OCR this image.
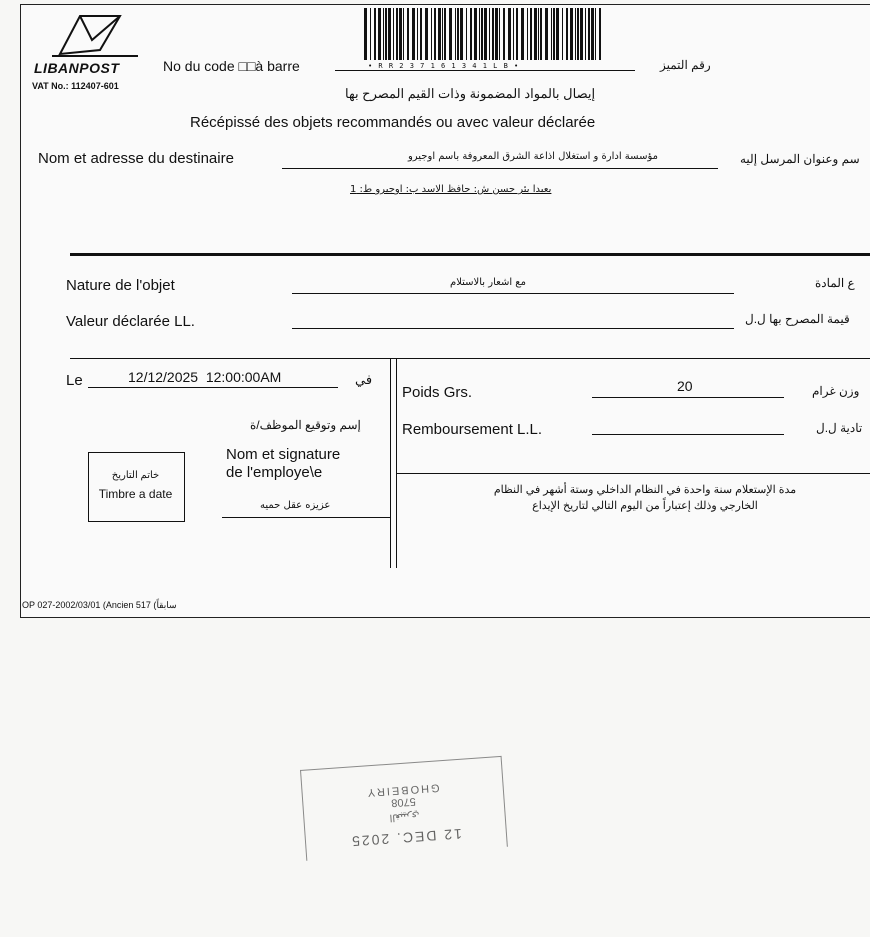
LIBANPOST
VAT No.: 112407-601
No du code □□à barre	• R R 2 3 7 1 6 1 3 4 1 L B •	رقم التميز
إيصال بالمواد المضمونة وذات القيم المصرح بها
Récépissé des objets recommandés ou avec valeur déclarée
Nom et adresse du destinaire	مؤسسة ادارة و استغلال اذاعة الشرق المعروفة باسم اوجيرو	سم وعنوان المرسل إليه
بعبدا بئر حسن ش: حافظ الاسد ب: اوجيرو ط: 1
Nature de l'objet	مع اشعار بالاستلام	ع المادة
Valeur déclarée LL.	قيمة المصرح بها ل.ل
Le	12/12/2025  12:00:00AM	في
إسم وتوقيع الموظف/ة
Nom et signature
de l'employe\e
خاتم التاريخ
Timbre a date
عزيزه عقل حميه
Poids Grs.	20	وزن غرام
Remboursement L.L.	تادية ل.ل
مدة الإستعلام سنة واحدة في النظام الداخلي وستة أشهر في النظام
الخارجي وذلك إعتباراً من اليوم التالي لتاريخ الإيداع
OP 027-2002/03/01 (Ancien 517 (سابقاً
GHOBEIRY
5708
الغبيري
12 DEC. 2025
